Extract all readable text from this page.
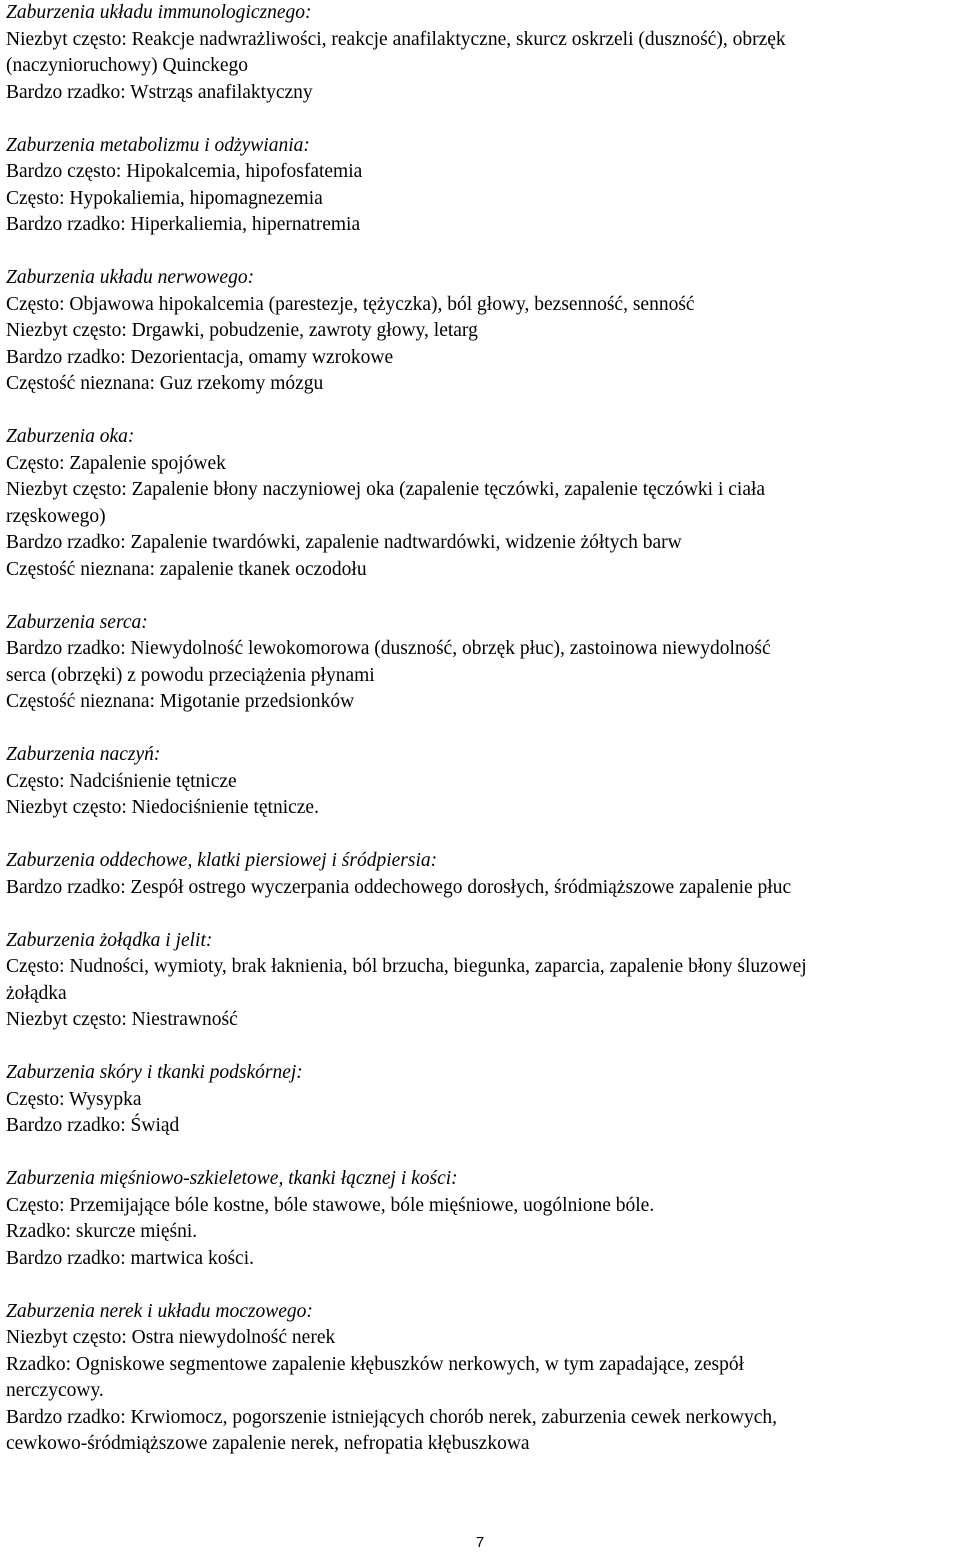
Zaburzenia układu immunologicznego:

Niezbyt często: Reakcje nadwrażliwości, reakcje anafilaktyczne, skurcz oskrzeli (duszność), obrzęk

(naczynioruchowy) Quinckego

Bardzo rzadko: Wstrząs anafilaktyczny

Zaburzenia metabolizmu i odżywiania:

Bardzo często: Hipokalcemia, hipofosfatemia

Często: Hypokaliemia, hipomagnezemia

Bardzo rzadko: Hiperkaliemia, hipernatremia

Zaburzenia układu nerwowego:

Często: Objawowa hipokalcemia (parestezje, tężyczka), ból głowy, bezsenność, senność

Niezbyt często: Drgawki, pobudzenie, zawroty głowy, letarg

Bardzo rzadko: Dezorientacja, omamy wzrokowe

Częstość nieznana: Guz rzekomy mózgu

Zaburzenia oka:

Często: Zapalenie spojówek

Niezbyt często: Zapalenie błony naczyniowej oka (zapalenie tęczówki, zapalenie tęczówki i ciała

rzęskowego)

Bardzo rzadko: Zapalenie twardówki, zapalenie nadtwardówki, widzenie żółtych barw

Częstość nieznana: zapalenie tkanek oczodołu

Zaburzenia serca:

Bardzo rzadko: Niewydolność lewokomorowa (duszność, obrzęk płuc), zastoinowa niewydolność

serca (obrzęki) z powodu przeciążenia płynami

Częstość nieznana: Migotanie przedsionków

Zaburzenia naczyń:

Często: Nadciśnienie tętnicze

Niezbyt często: Niedociśnienie tętnicze.

Zaburzenia oddechowe, klatki piersiowej i śródpiersia:

Bardzo rzadko: Zespół ostrego wyczerpania oddechowego dorosłych, śródmiąższowe zapalenie płuc

Zaburzenia żołądka i jelit:

Często: Nudności, wymioty, brak łaknienia, ból brzucha, biegunka, zaparcia, zapalenie błony śluzowej

żołądka

Niezbyt często: Niestrawność

Zaburzenia skóry i tkanki podskórnej:

Często: Wysypka

Bardzo rzadko: Świąd

Zaburzenia mięśniowo-szkieletowe, tkanki łącznej i kości:

Często: Przemijające bóle kostne, bóle stawowe, bóle mięśniowe, uogólnione bóle.

Rzadko: skurcze mięśni.

Bardzo rzadko: martwica kości.

Zaburzenia nerek i układu moczowego:

Niezbyt często: Ostra niewydolność nerek

Rzadko: Ogniskowe segmentowe zapalenie kłębuszków nerkowych, w tym zapadające, zespół

nerczycowy.

Bardzo rzadko: Krwiomocz, pogorszenie istniejących chorób nerek, zaburzenia cewek nerkowych,

cewkowo-śródmiąższowe zapalenie nerek, nefropatia kłębuszkowa

7
